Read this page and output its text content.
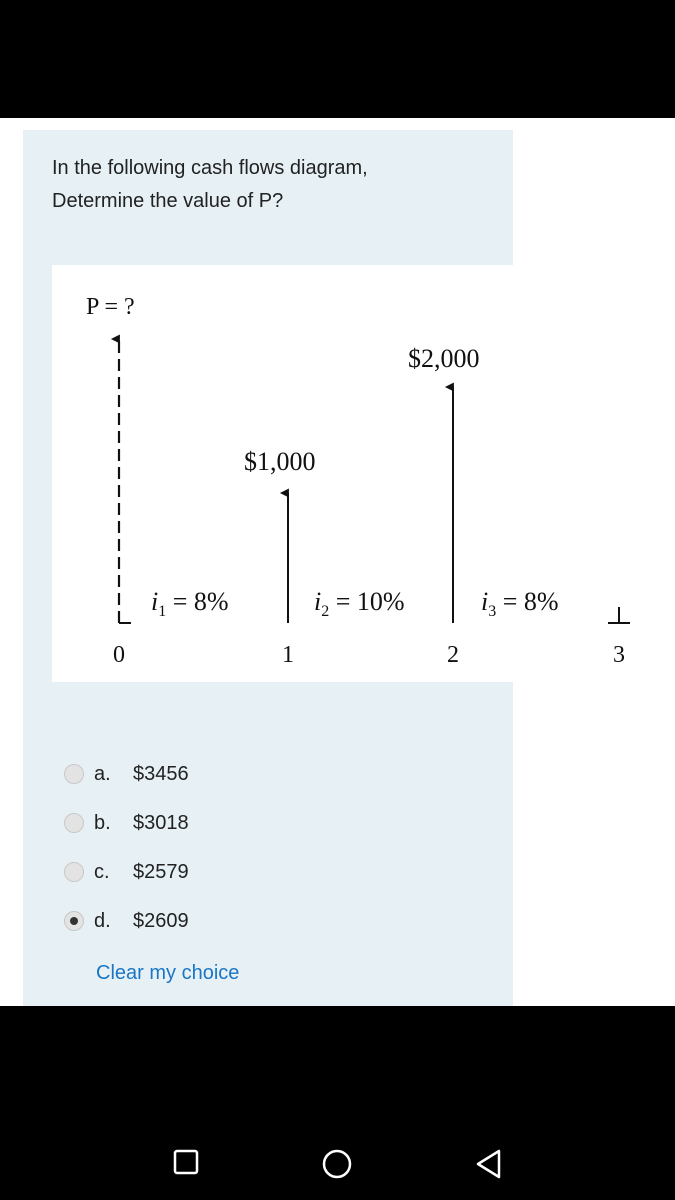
In the following cash flows diagram,
Determine the value of P?
P = ?
$1,000
$2,000
$i_1 = 8\%$	$i_2 = 10\%$	$i_3 = 8\%$
0	1	2	3
a. $3456
b. $3018
c. $2579
d. $2609
Clear my choice
